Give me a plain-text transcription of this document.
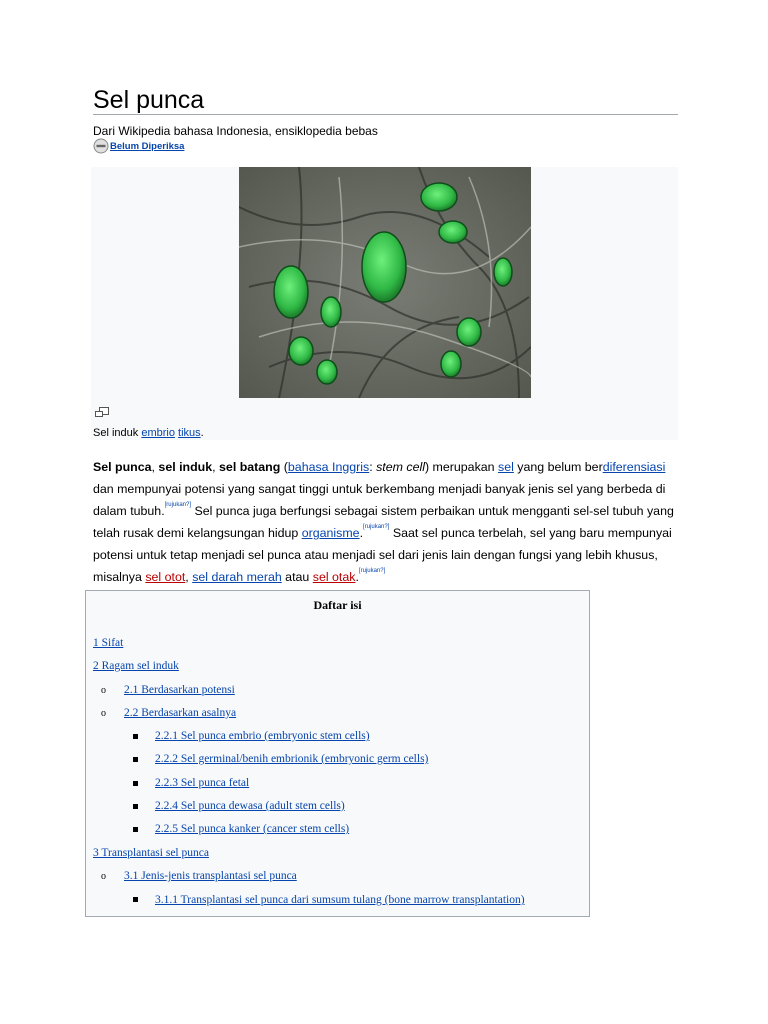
Sel punca
Dari Wikipedia bahasa Indonesia, ensiklopedia bebas
Belum Diperiksa
Sel induk embrio tikus.
Sel punca, sel induk, sel batang (bahasa Inggris: stem cell) merupakan sel yang belum berdiferensiasi dan mempunyai potensi yang sangat tinggi untuk berkembang menjadi banyak jenis sel yang berbeda di dalam tubuh.[rujukan?] Sel punca juga berfungsi sebagai sistem perbaikan untuk mengganti sel-sel tubuh yang telah rusak demi kelangsungan hidup organisme.[rujukan?] Saat sel punca terbelah, sel yang baru mempunyai potensi untuk tetap menjadi sel punca atau menjadi sel dari jenis lain dengan fungsi yang lebih khusus, misalnya sel otot, sel darah merah atau sel otak.[rujukan?]
Daftar isi
1 Sifat
2 Ragam sel induk
o 2.1 Berdasarkan potensi
o 2.2 Berdasarkan asalnya
2.2.1 Sel punca embrio (embryonic stem cells)
2.2.2 Sel germinal/benih embrionik (embryonic germ cells)
2.2.3 Sel punca fetal
2.2.4 Sel punca dewasa (adult stem cells)
2.2.5 Sel punca kanker (cancer stem cells)
3 Transplantasi sel punca
o 3.1 Jenis-jenis transplantasi sel punca
3.1.1 Transplantasi sel punca dari sumsum tulang (bone marrow transplantation)
